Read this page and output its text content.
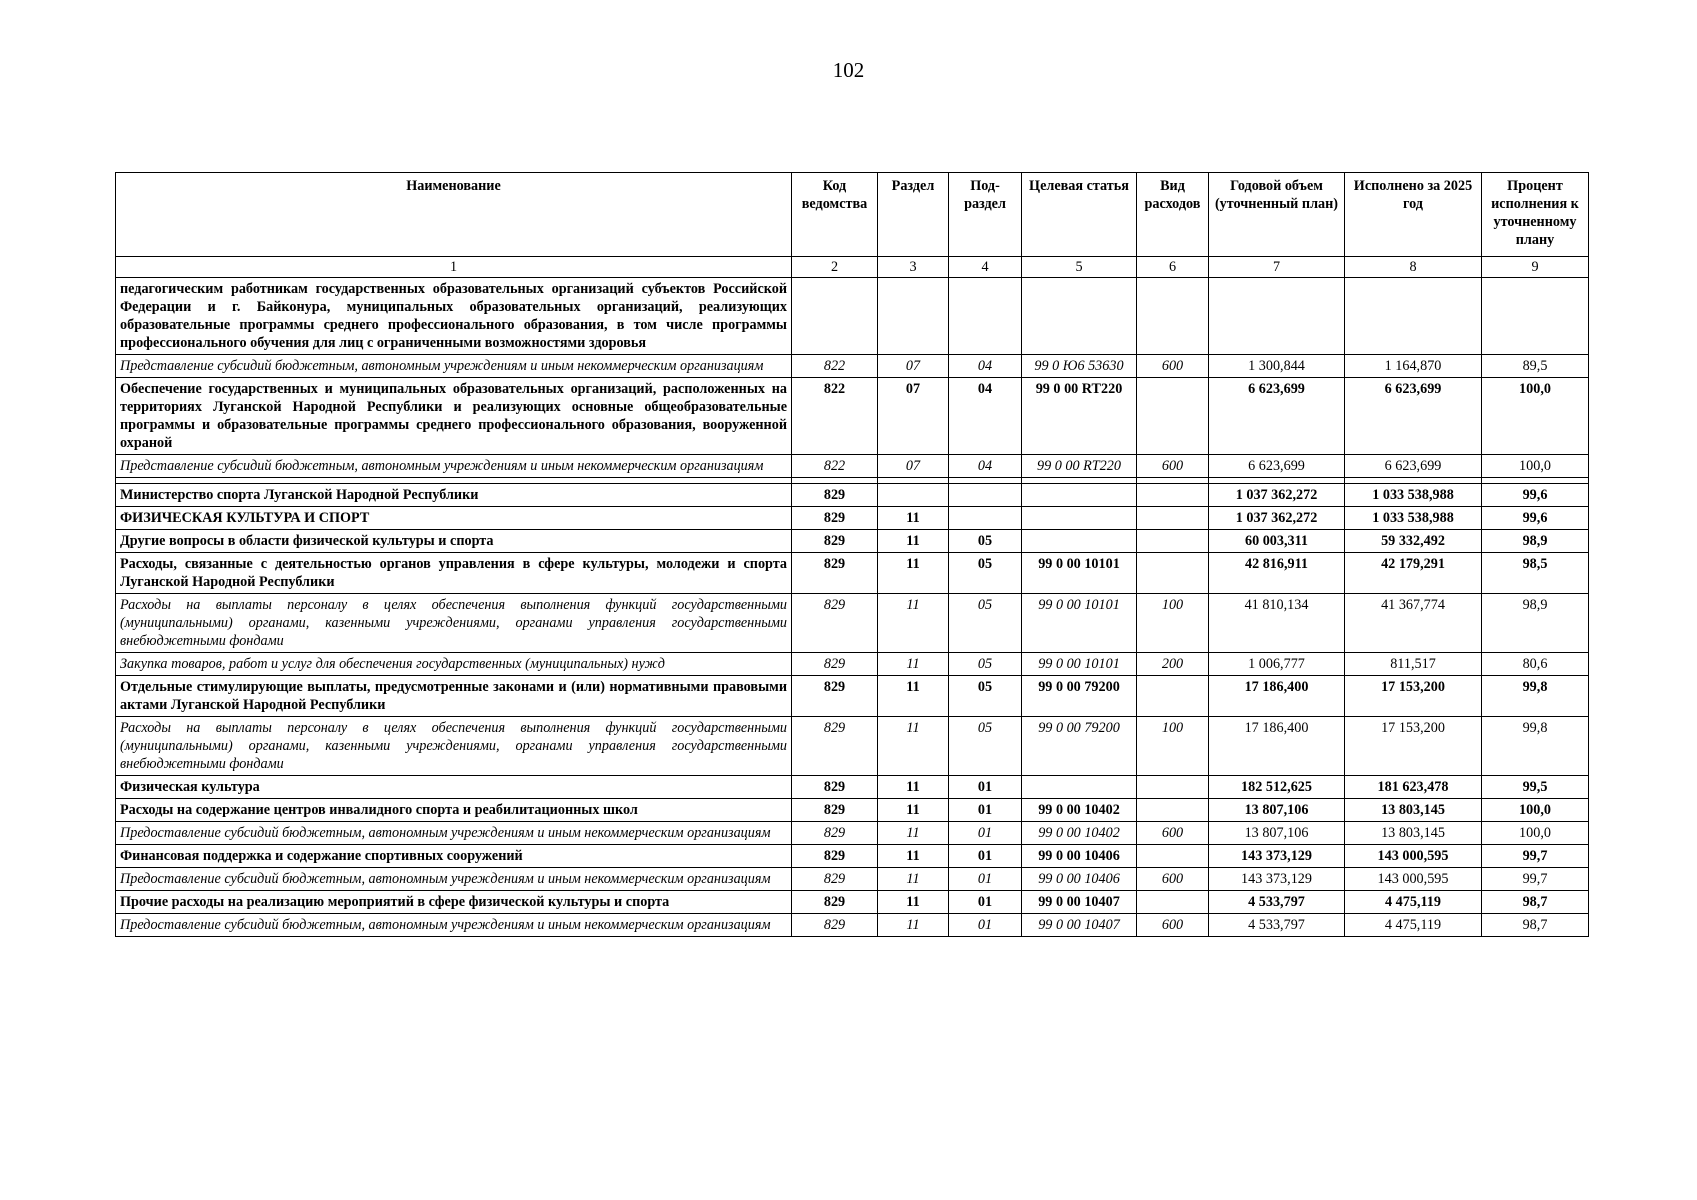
102
Наименование	Код ведомства	Раздел	Под-раздел	Целевая статья	Вид расходов	Годовой объем (уточненный план)	Исполнено за 2025 год	Процент исполнения к уточненному плану
1	2	3	4	5	6	7	8	9
педагогическим работникам государственных образовательных организаций субъектов Российской Федерации и г. Байконура, муниципальных образовательных организаций, реализующих образовательные программы среднего профессионального образования, в том числе программы профессионального обучения для лиц с ограниченными возможностями здоровья								
Представление субсидий бюджетным, автономным учреждениям и иным некоммерческим организациям	822	07	04	99 0 Ю6 53630	600	1 300,844	1 164,870	89,5
Обеспечение государственных и муниципальных образовательных организаций, расположенных на территориях Луганской Народной Республики и реализующих основные общеобразовательные программы и образовательные программы среднего профессионального образования, вооруженной охраной	822	07	04	99 0 00 RT220		6 623,699	6 623,699	100,0
Представление субсидий бюджетным, автономным учреждениям и иным некоммерческим организациям	822	07	04	99 0 00 RT220	600	6 623,699	6 623,699	100,0

Министерство спорта Луганской Народной Республики	829					1 037 362,272	1 033 538,988	99,6
ФИЗИЧЕСКАЯ КУЛЬТУРА И СПОРТ	829	11				1 037 362,272	1 033 538,988	99,6
Другие вопросы в области физической культуры и спорта	829	11	05			60 003,311	59 332,492	98,9
Расходы, связанные с деятельностью органов управления в сфере культуры, молодежи и спорта Луганской Народной Республики	829	11	05	99 0 00 10101		42 816,911	42 179,291	98,5
Расходы на выплаты персоналу в целях обеспечения выполнения функций государственными (муниципальными) органами, казенными учреждениями, органами управления государственными внебюджетными фондами	829	11	05	99 0 00 10101	100	41 810,134	41 367,774	98,9
Закупка товаров, работ и услуг для обеспечения государственных (муниципальных) нужд	829	11	05	99 0 00 10101	200	1 006,777	811,517	80,6
Отдельные стимулирующие выплаты, предусмотренные законами и (или) нормативными правовыми актами Луганской Народной Республики	829	11	05	99 0 00 79200		17 186,400	17 153,200	99,8
Расходы на выплаты персоналу в целях обеспечения выполнения функций государственными (муниципальными) органами, казенными учреждениями, органами управления государственными внебюджетными фондами	829	11	05	99 0 00 79200	100	17 186,400	17 153,200	99,8
Физическая культура	829	11	01			182 512,625	181 623,478	99,5
Расходы на содержание центров инвалидного спорта и реабилитационных школ	829	11	01	99 0 00 10402		13 807,106	13 803,145	100,0
Предоставление субсидий бюджетным, автономным учреждениям и иным некоммерческим организациям	829	11	01	99 0 00 10402	600	13 807,106	13 803,145	100,0
Финансовая поддержка и содержание спортивных сооружений	829	11	01	99 0 00 10406		143 373,129	143 000,595	99,7
Предоставление субсидий бюджетным, автономным учреждениям и иным некоммерческим организациям	829	11	01	99 0 00 10406	600	143 373,129	143 000,595	99,7
Прочие расходы на реализацию мероприятий в сфере физической культуры и спорта	829	11	01	99 0 00 10407		4 533,797	4 475,119	98,7
Предоставление субсидий бюджетным, автономным учреждениям и иным некоммерческим организациям	829	11	01	99 0 00 10407	600	4 533,797	4 475,119	98,7
